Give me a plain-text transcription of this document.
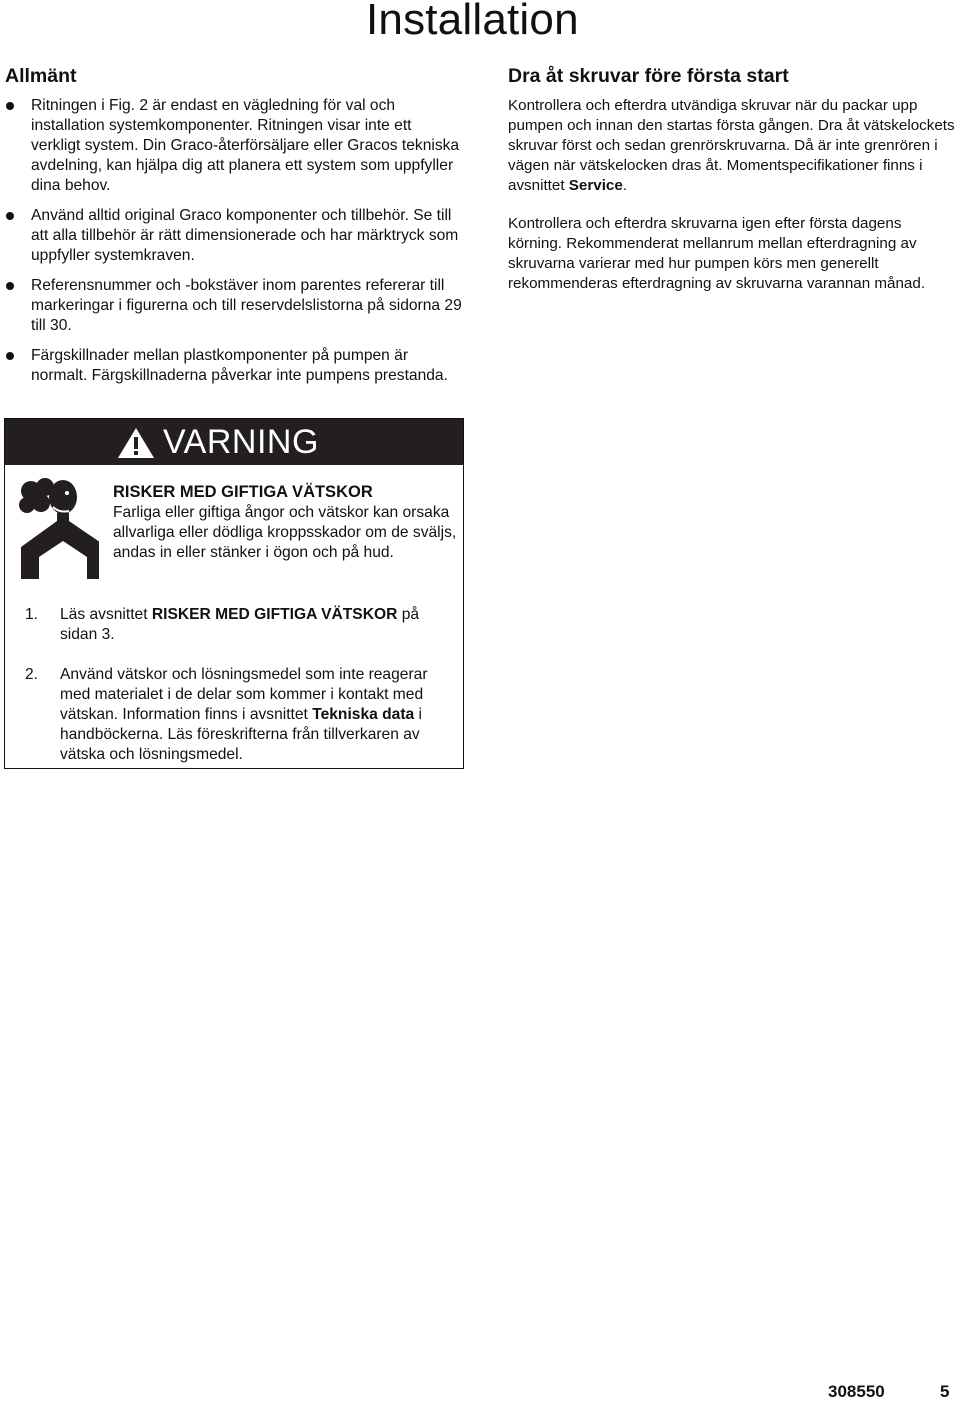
Installation
Allmänt
Ritningen i Fig. 2 är endast en vägledning för val och installation systemkomponenter. Ritningen visar inte ett verkligt system. Din Graco-återförsäljare eller Gracos tekniska avdelning, kan hjälpa dig att planera ett system som uppfyller dina behov.
Använd alltid original Graco komponenter och tillbehör. Se till att alla tillbehör är rätt dimensionerade och har märktryck som uppfyller systemkraven.
Referensnummer och -bokstäver inom parentes refererar till markeringar i figurerna och till reservdelslistorna på sidorna 29 till 30.
Färgskillnader mellan plastkomponenter på pumpen är normalt. Färgskillnaderna påverkar inte pumpens prestanda.
VARNING

RISKER MED GIFTIGA VÄTSKOR

Farliga eller giftiga ångor och vätskor kan orsaka allvarliga eller dödliga kroppsskador om de sväljs, andas in eller stänker i ögon och på hud.

1. Läs avsnittet RISKER MED GIFTIGA VÄTSKOR på sidan 3.
2. Använd vätskor och lösningsmedel som inte reagerar med materialet i de delar som kommer i kontakt med vätskan. Information finns i avsnittet Tekniska data i handböckerna. Läs föreskrifterna från tillverkaren av vätska och lösningsmedel.
Dra åt skruvar före första start

Kontrollera och efterdra utvändiga skruvar när du packar upp pumpen och innan den startas första gången. Dra åt vätskelockets skruvar först och sedan grenrörskruvarna. Då är inte grenrören i vägen när vätskelocken dras åt. Momentspecifikationer finns i avsnittet Service.

Kontrollera och efterdra skruvarna igen efter första dagens körning. Rekommenderat mellanrum mellan efterdragning av skruvarna varierar med hur pumpen körs men generellt rekommenderas efterdragning av skruvarna varannan månad.

308550	5
